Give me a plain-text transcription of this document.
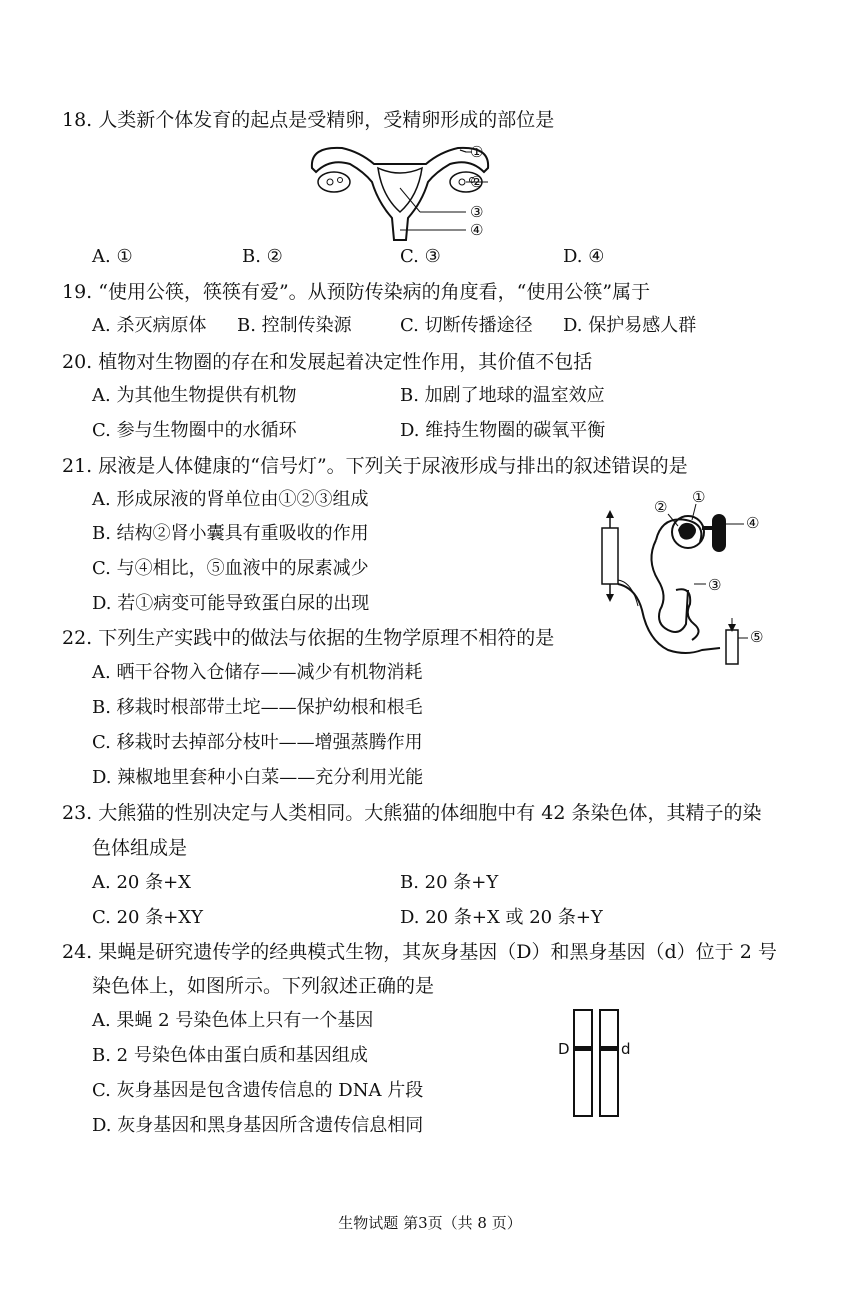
18. 人类新个体发育的起点是受精卵，受精卵形成的部位是
①
②
③
④
A. ①	B. ②	C. ③	D. ④
19. “使用公筷，筷筷有爱”。从预防传染病的角度看，“使用公筷”属于
A. 杀灭病原体 B. 控制传染源	C. 切断传播途径 D. 保护易感人群
20. 植物对生物圈的存在和发展起着决定性作用，其价值不包括
A. 为其他生物提供有机物	B. 加剧了地球的温室效应
C. 参与生物圈中的水循环	D. 维持生物圈的碳氧平衡
21. 尿液是人体健康的“信号灯”。下列关于尿液形成与排出的叙述错误的是
A. 形成尿液的肾单位由①②③组成
B. 结构②肾小囊具有重吸收的作用
C. 与④相比，⑤血液中的尿素减少
D. 若①病变可能导致蛋白尿的出现
②
①
④
③
⑤
22. 下列生产实践中的做法与依据的生物学原理不相符的是
A. 晒干谷物入仓储存——减少有机物消耗
B. 移栽时根部带土坨——保护幼根和根毛
C. 移栽时去掉部分枝叶——增强蒸腾作用
D. 辣椒地里套种小白菜——充分利用光能
23. 大熊猫的性别决定与人类相同。大熊猫的体细胞中有 42 条染色体，其精子的染
色体组成是
A. 20 条+X	B. 20 条+Y
C. 20 条+XY	D. 20 条+X 或 20 条+Y
24. 果蝇是研究遗传学的经典模式生物，其灰身基因（D）和黑身基因（d）位于 2 号
染色体上，如图所示。下列叙述正确的是
A. 果蝇 2 号染色体上只有一个基因
B. 2 号染色体由蛋白质和基因组成
C. 灰身基因是包含遗传信息的 DNA 片段
D. 灰身基因和黑身基因所含遗传信息相同
D	d
生物试题 第3页（共 8 页）
